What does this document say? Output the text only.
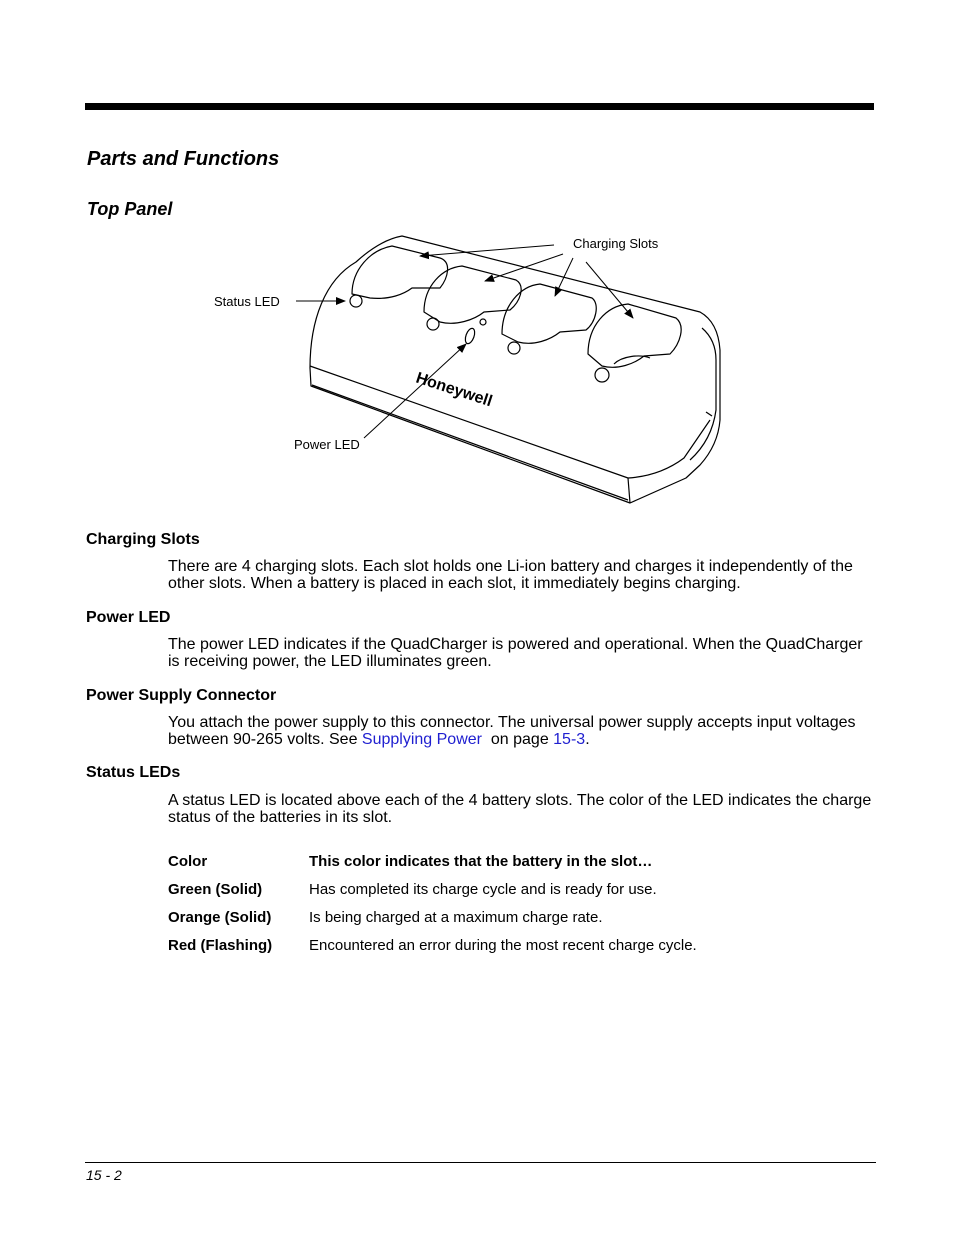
Parts and Functions
Top Panel
Honeywell
Charging Slots
Status LED
Power LED
Charging Slots

There are 4 charging slots. Each slot holds one Li-ion battery and charges it independently of the other slots. When a battery is placed in each slot, it immediately begins charging.

Power LED

The power LED indicates if the QuadCharger is powered and operational. When the QuadCharger is receiving power, the LED illuminates green.

Power Supply Connector

You attach the power supply to this connector. The universal power supply accepts input voltages between 90-265 volts. See Supplying Power  on page 15-3.

Status LEDs

A status LED is located above each of the 4 battery slots. The color of the LED indicates the charge status of the batteries in its slot.

Color	This color indicates that the battery in the slot…
Green (Solid)	Has completed its charge cycle and is ready for use.
Orange (Solid)	Is being charged at a maximum charge rate.
Red (Flashing)	Encountered an error during the most recent charge cycle.
15 - 2
